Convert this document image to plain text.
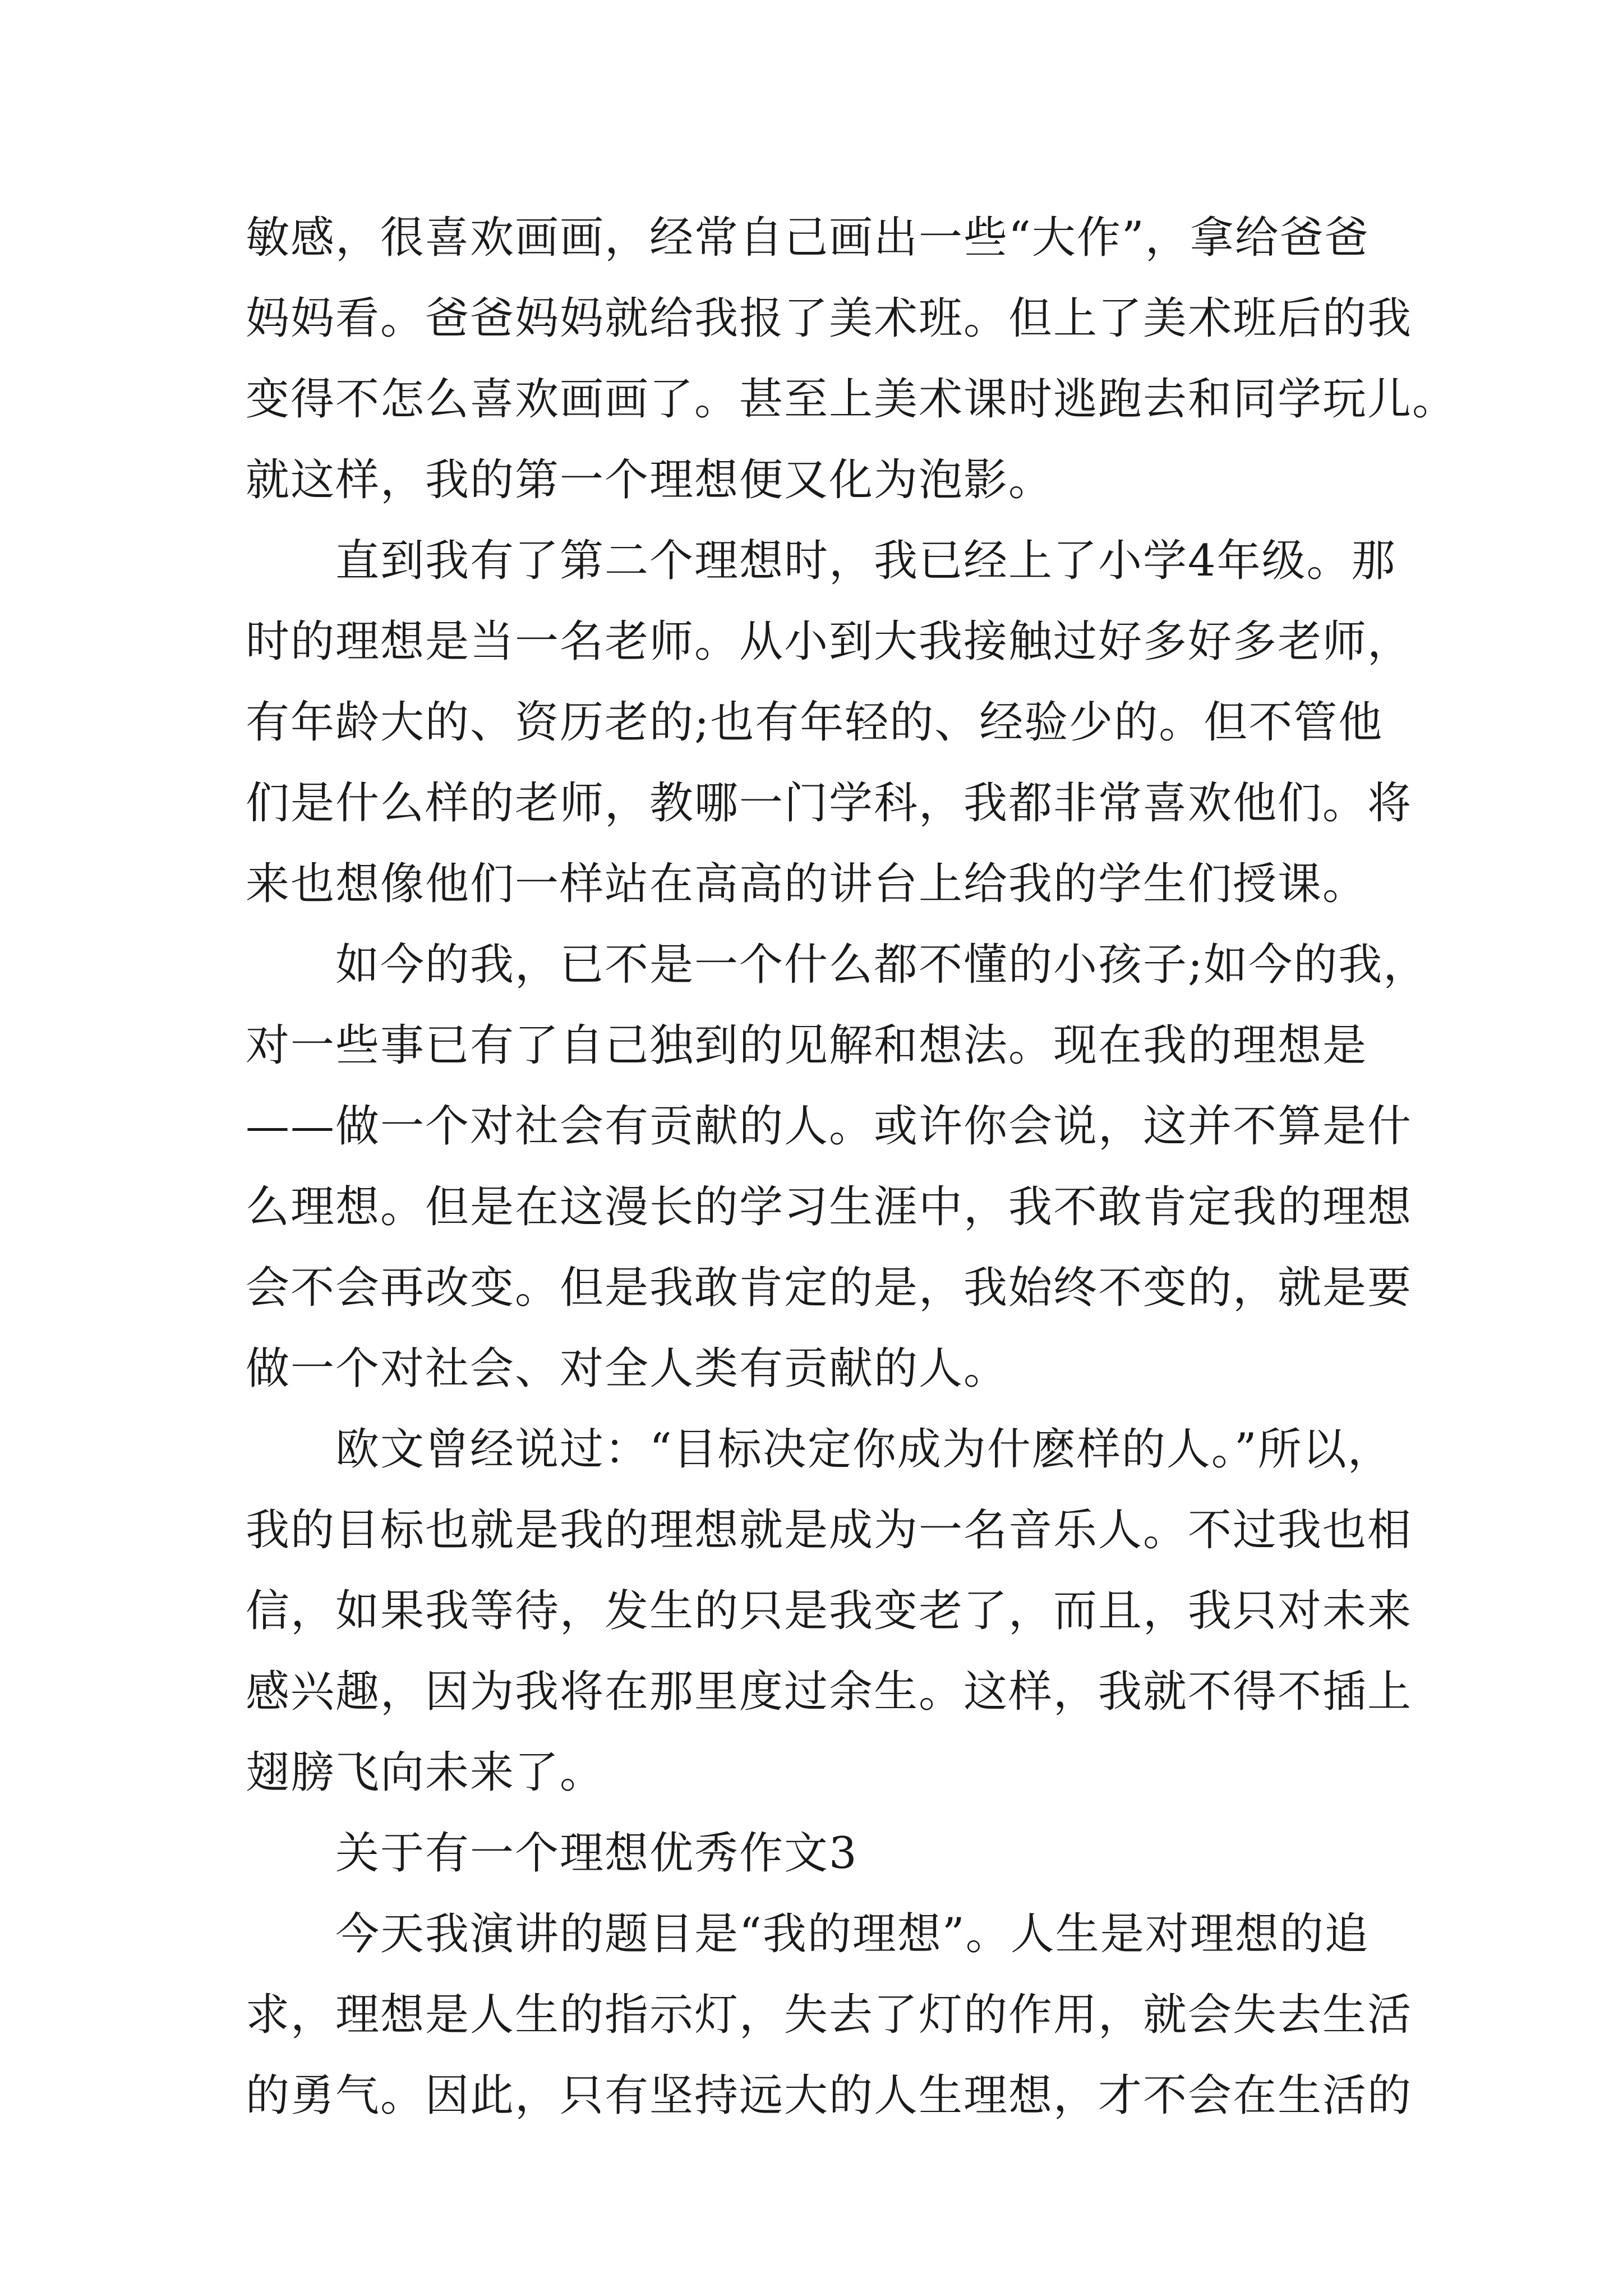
敏感，很喜欢画画，经常自己画出一些“大作”，拿给爸爸
妈妈看。爸爸妈妈就给我报了美术班。但上了美术班后的我
变得不怎么喜欢画画了。甚至上美术课时逃跑去和同学玩儿。
就这样，我的第一个理想便又化为泡影。
直到我有了第二个理想时，我已经上了小学4年级。那
时的理想是当一名老师。从小到大我接触过好多好多老师，
有年龄大的、资历老的;也有年轻的、经验少的。但不管他
们是什么样的老师，教哪一门学科，我都非常喜欢他们。将
来也想像他们一样站在高高的讲台上给我的学生们授课。
如今的我，已不是一个什么都不懂的小孩子;如今的我，
对一些事已有了自己独到的见解和想法。现在我的理想是
——做一个对社会有贡献的人。或许你会说，这并不算是什
么理想。但是在这漫长的学习生涯中，我不敢肯定我的理想
会不会再改变。但是我敢肯定的是，我始终不变的，就是要
做一个对社会、对全人类有贡献的人。
欧文曾经说过：“目标决定你成为什麽样的人。”所以，
我的目标也就是我的理想就是成为一名音乐人。不过我也相
信，如果我等待，发生的只是我变老了，而且，我只对未来
感兴趣，因为我将在那里度过余生。这样，我就不得不插上
翅膀飞向未来了。
关于有一个理想优秀作文3
今天我演讲的题目是“我的理想”。人生是对理想的追
求，理想是人生的指示灯，失去了灯的作用，就会失去生活
的勇气。因此，只有坚持远大的人生理想，才不会在生活的
